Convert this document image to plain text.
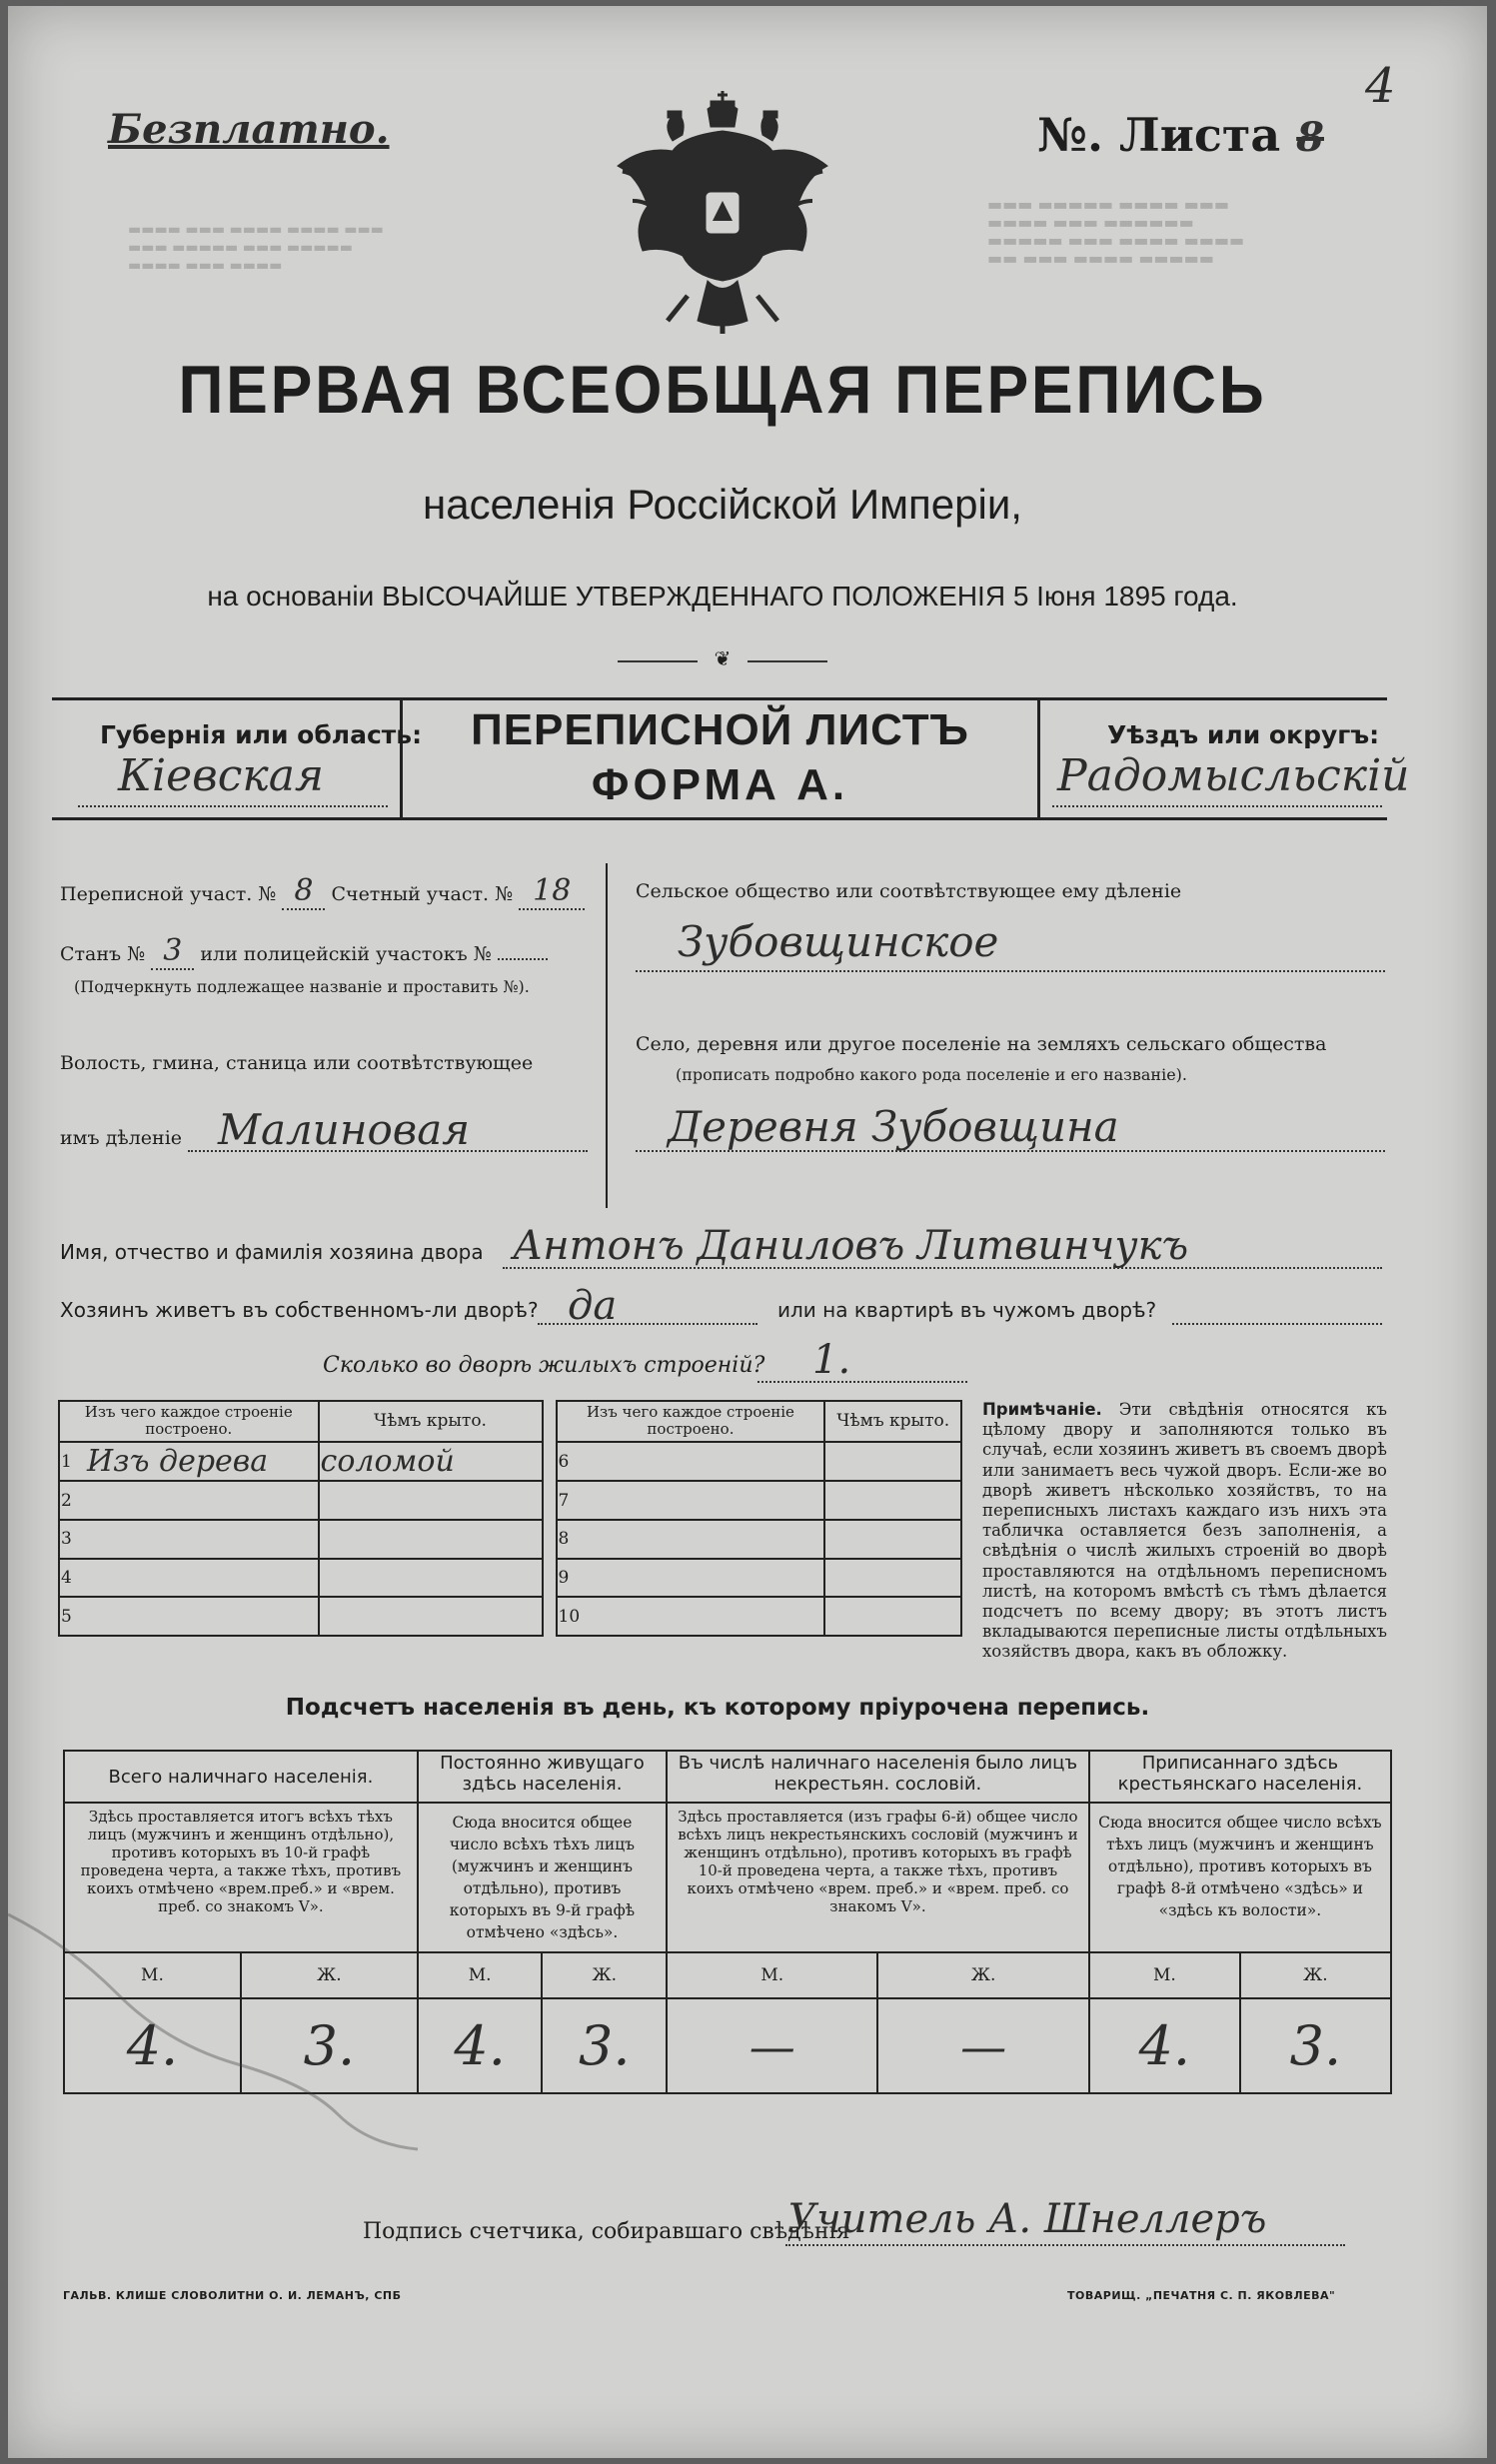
▬▬▬ ▬▬▬▬▬ ▬▬▬▬ ▬▬▬
▬▬▬▬ ▬▬▬ ▬▬▬▬▬▬
▬▬▬▬▬ ▬▬▬ ▬▬▬▬ ▬▬▬▬
▬▬ ▬▬▬ ▬▬▬▬ ▬▬▬▬▬
▬▬▬▬ ▬▬▬ ▬▬▬▬ ▬▬▬▬ ▬▬▬
▬▬▬ ▬▬▬▬▬ ▬▬▬ ▬▬▬▬▬
▬▬▬▬ ▬▬▬ ▬▬▬▬
Безплатно.	№. Листа 8
4
ПЕРВАЯ ВСЕОБЩАЯ ПЕРЕПИСЬ
населенія Россійской Имперіи,
на основаніи ВЫСОЧАЙШЕ УТВЕРЖДЕННАГО ПОЛОЖЕНІЯ 5 Іюня 1895 года.
❦
Губернія или область:
Кіевская
ПЕРЕПИСНОЙ ЛИСТЪ
ФОРМА А.
Уѣздъ или округъ:
Радомысльскій
Переписной участ. № 8 Счетный участ. № 18
Станъ № 3 или полицейскій участокъ №
(Подчеркнуть подлежащее названіе и проставить №).
Волость, гмина, станица или соотвѣтствующее
имъ дѣленіе Малиновая
Сельское общество или соотвѣтствующее ему дѣленіе
Зубовщинское
Село, деревня или другое поселеніе на земляхъ сельскаго общества
(прописать подробно какого рода поселеніе и его названіе).
Деревня Зубовщина
Имя, отчество и фамилія хозяина двора Антонъ Даниловъ Литвинчукъ
Хозяинъ живетъ въ собственномъ-ли дворѣ? да	или на квартирѣ въ чужомъ дворѣ?
Сколько во дворѣ жилыхъ строеній? 1.
Изъ чего каждое строеніе построено.		Чѣмъ крыто.		Изъ чего каждое строеніе построено.		Чѣмъ крыто.
1	Изъ дерева	соломой		6		
2				7		
3				8		
4				9		
5				10		
Примѣчаніе. Эти свѣдѣнія относятся къ цѣлому двору и заполняются только въ случаѣ, если хозяинъ живетъ въ своемъ дворѣ или занимаетъ весь чужой дворъ. Если-же во дворѣ живетъ нѣсколько хозяйствъ, то на переписныхъ листахъ каждаго изъ нихъ эта табличка оставляется безъ заполненія, а свѣдѣнія о числѣ жилыхъ строеній во дворѣ проставляются на отдѣльномъ переписномъ листѣ, на которомъ вмѣстѣ съ тѣмъ дѣлается подсчетъ по всему двору; въ этотъ листъ вкладываются переписные листы отдѣльныхъ хозяйствъ двора, какъ въ обложку.
Подсчетъ населенія въ день, къ которому пріурочена перепись.
Всего наличнаго населенія.		Постоянно живущаго здѣсь населенія.		Въ числѣ наличнаго населенія было лицъ некрестьян. сословій.		Приписаннаго здѣсь крестьянскаго населенія.	
Здѣсь проставляется итогъ всѣхъ тѣхъ лицъ (мужчинъ и женщинъ отдѣльно), противъ которыхъ въ 10-й графѣ проведена черта, а также тѣхъ, противъ коихъ отмѣчено «врем.преб.» и «врем. преб. со знакомъ V».		Сюда вносится общее число всѣхъ тѣхъ лицъ (мужчинъ и женщинъ отдѣльно), противъ которыхъ въ 9-й графѣ отмѣчено «здѣсь».		Здѣсь проставляется (изъ графы 6-й) общее число всѣхъ лицъ некрестьянскихъ сословій (мужчинъ и женщинъ отдѣльно), противъ которыхъ въ графѣ 10-й проведена черта, а также тѣхъ, противъ коихъ отмѣчено «врем. преб.» и «врем. преб. со знакомъ V».		Сюда вносится общее число всѣхъ тѣхъ лицъ (мужчинъ и женщинъ отдѣльно), противъ которыхъ въ графѣ 8-й отмѣчено «здѣсь» и «здѣсь къ волости».	
М.	Ж.	М.	Ж.	М.	Ж.	М.	Ж.
4.	3.	4.	3.	—	—	4.	3.
Подпись счетчика, собиравшаго свѣдѣнія
Учитель А. Шнеллеръ
ГАЛЬВ. КЛИШЕ СЛОВОЛИТНИ О. И. ЛЕМАНЪ, СПБ	ТОВАРИЩ. „ПЕЧАТНЯ С. П. ЯКОВЛЕВА"
